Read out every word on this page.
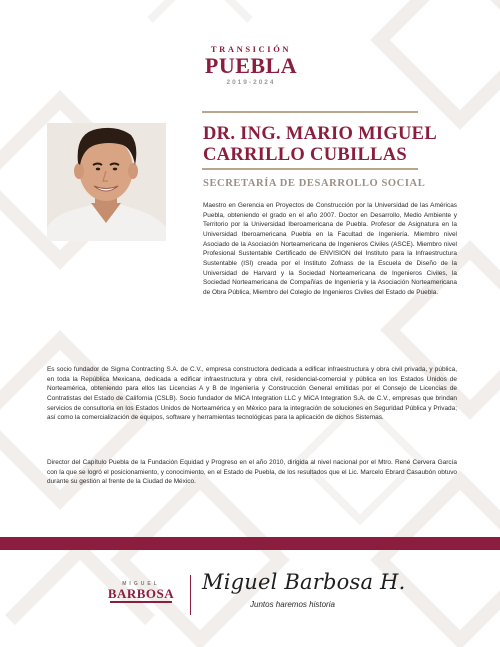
TRANSICIÓN
PUEBLA
2019-2024
DR. ING. MARIO MIGUEL
CARRILLO CUBILLAS
SECRETARÍA DE DESARROLLO SOCIAL

Maestro en Gerencia en Proyectos de Construcción por la Universidad de las Américas Puebla, obteniendo el grado en el año 2007. Doctor en Desarrollo, Medio Ambiente y Territorio por la Universidad Iberoamericana de Puebla. Profesor de Asignatura en la Universidad Iberoamericana Puebla en la Facultad de Ingeniería. Miembro nivel Asociado de la Asociación Norteamericana de Ingenieros Civiles (ASCE). Miembro nivel Profesional Sustentable Certificado de ENVISION del Instituto para la Infraestructura Sustentable (ISI) creada por el Instituto Zofnass de la Escuela de Diseño de la Universidad de Harvard y la Sociedad Norteamericana de Ingenieros Civiles, la Sociedad Norteamericana de Compañías de Ingeniería y la Asociación Norteamericana de Obra Pública, Miembro del Colegio de Ingenieros Civiles del Estado de Puebla.

Es socio fundador de Sigma Contracting S.A. de C.V., empresa constructora dedicada a edificar infraestructura y obra civil privada, y pública, en toda la República Mexicana, dedicada a edificar infraestructura y obra civil, residencial-comercial y pública en los Estados Unidos de Norteamérica, obteniendo para ellos las Licencias A y B de Ingeniería y Construcción General emitidas por el Consejo de Licencias de Contratistas del Estado de California (CSLB). Socio fundador de MiCA Integration LLC y MiCA Integration S.A. de C.V., empresas que brindan servicios de consultoría en los Estados Unidos de Norteamérica y en México para la integración de soluciones en Seguridad Pública y Privada; así como la comercialización de equipos, software y herramientas tecnológicas para la aplicación de dichos Sistemas.

Director del Capítulo Puebla de la Fundación Equidad y Progreso en el año 2010, dirigida al nivel nacional por el Mtro. René Cervera García con la que se logró el posicionamiento, y conocimiento, en el Estado de Puebla, de los resultados que el Lic. Marcelo Ebrard Casaubón obtuvo durante su gestión al frente de la Ciudad de México.

MIGUEL
BARBOSA Miguel Barbosa H.
Juntos haremos historia
